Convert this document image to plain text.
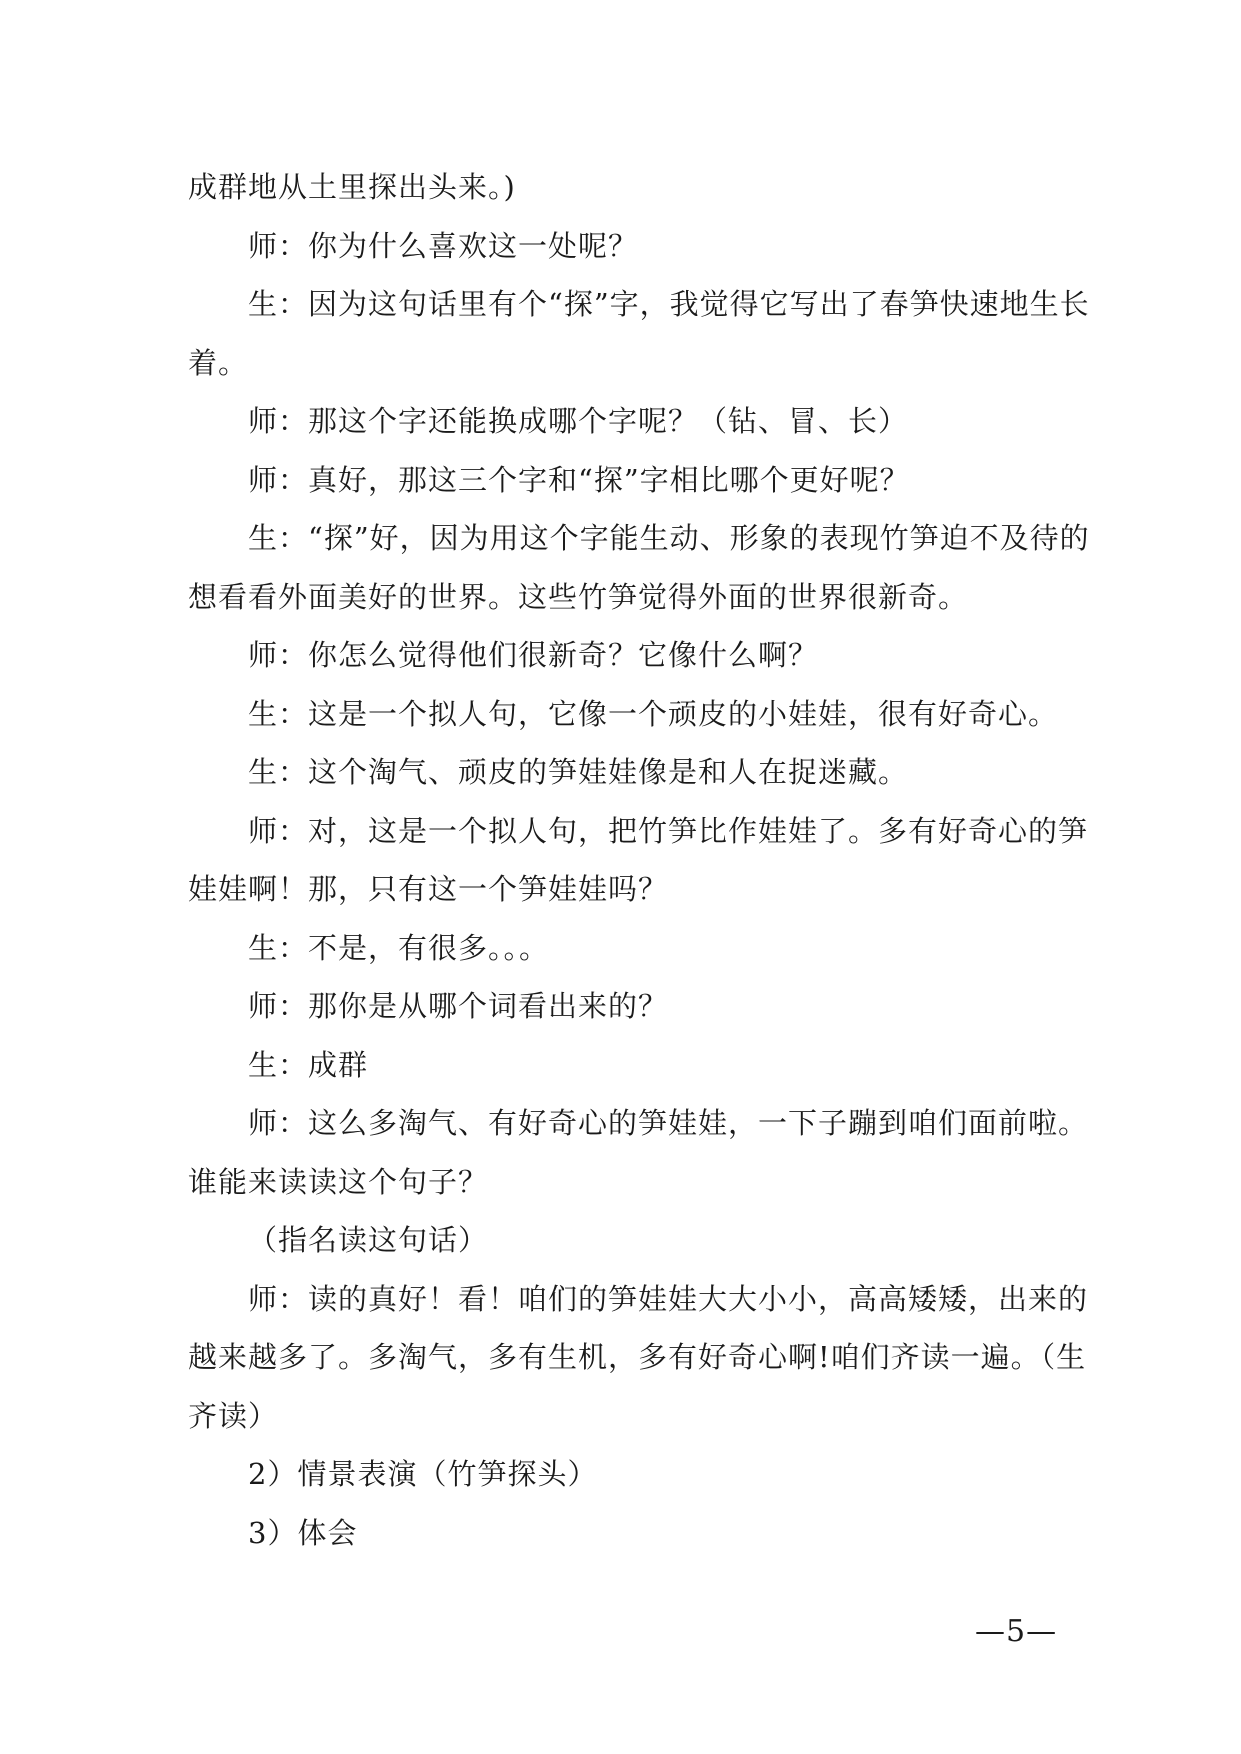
成群地从土里探出头来。)
师：你为什么喜欢这一处呢？
生：因为这句话里有个“探”字，我觉得它写出了春笋快速地生长
着。
师：那这个字还能换成哪个字呢？（钻、冒、长）
师：真好，那这三个字和“探”字相比哪个更好呢？
生：“探”好，因为用这个字能生动、形象的表现竹笋迫不及待的
想看看外面美好的世界。这些竹笋觉得外面的世界很新奇。
师：你怎么觉得他们很新奇？它像什么啊？
生：这是一个拟人句，它像一个顽皮的小娃娃，很有好奇心。
生：这个淘气、顽皮的笋娃娃像是和人在捉迷藏。
师：对，这是一个拟人句，把竹笋比作娃娃了。多有好奇心的笋
娃娃啊！那，只有这一个笋娃娃吗？
生：不是，有很多。。。
师：那你是从哪个词看出来的？
生：成群
师：这么多淘气、有好奇心的笋娃娃，一下子蹦到咱们面前啦。
谁能来读读这个句子？
（指名读这句话）
师：读的真好！看！咱们的笋娃娃大大小小，高高矮矮，出来的
越来越多了。多淘气，多有生机，多有好奇心啊!咱们齐读一遍。（生
齐读）
2）情景表演（竹笋探头）
3）体会
—5—
